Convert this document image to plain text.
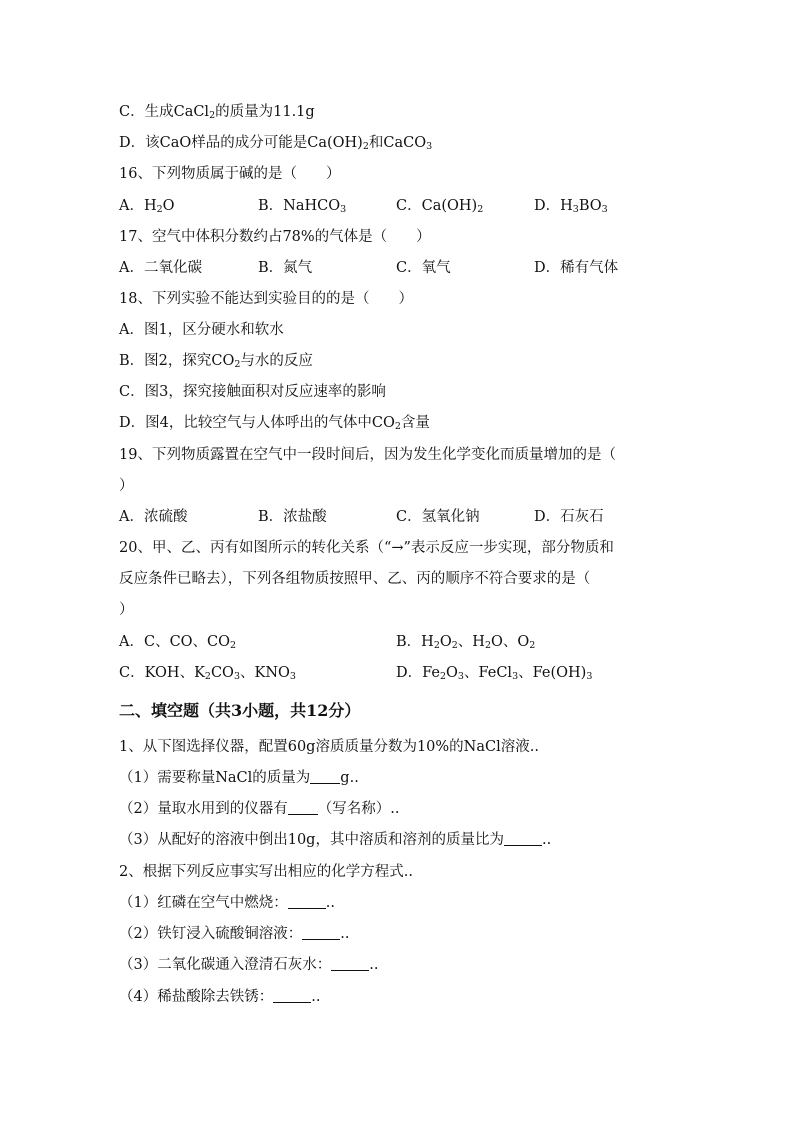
C．生成CaCl$_2$的质量为11.1g
D．该CaO样品的成分可能是$Ca(OH)_2$和CaCO$_3$
16、下列物质属于碱的是（　　）
A．$H_2O$	B．NaHCO$_3$	C．$Ca(OH)_2$	D．$H_3BO_3$
17、空气中体积分数约占78%的气体是（　　）
A．二氧化碳	B．氮气	C．氧气	D．稀有气体
18、下列实验不能达到实验目的的是（　　）
A．图1，区分硬水和软水
B．图2，探究$CO_2$与水的反应
C．图3，探究接触面积对反应速率的影响
D．图4，比较空气与人体呼出的气体中$CO_2$含量
19、下列物质露置在空气中一段时间后，因为发生化学变化而质量增加的是（
）
A．浓硫酸	B．浓盐酸	C．氢氧化钠	D．石灰石
20、甲、乙、丙有如图所示的转化关系（“→”表示反应一步实现，部分物质和
反应条件已略去），下列各组物质按照甲、乙、丙的顺序不符合要求的是（
）
A．C、CO、$CO_2$	B．$H_2O_2$、$H_2O$、$O_2$
C．KOH、$K_2CO_3$、$KNO_3$	D．$Fe_2O_3$、FeCl$_3$、$Fe(OH)_3$
二、填空题（共3小题，共12分）
1、从下图选择仪器，配置60g溶质质量分数为10%的NaCl溶液..
（1）需要称量NaCl的质量为 g..
（2）量取水用到的仪器有 （写名称）..
（3）从配好的溶液中倒出10g，其中溶质和溶剂的质量比为	..
2、根据下列反应事实写出相应的化学方程式..
（1）红磷在空气中燃烧：	..
（2）铁钉浸入硫酸铜溶液：	..
（3）二氧化碳通入澄清石灰水：	..
（4）稀盐酸除去铁锈：	..
